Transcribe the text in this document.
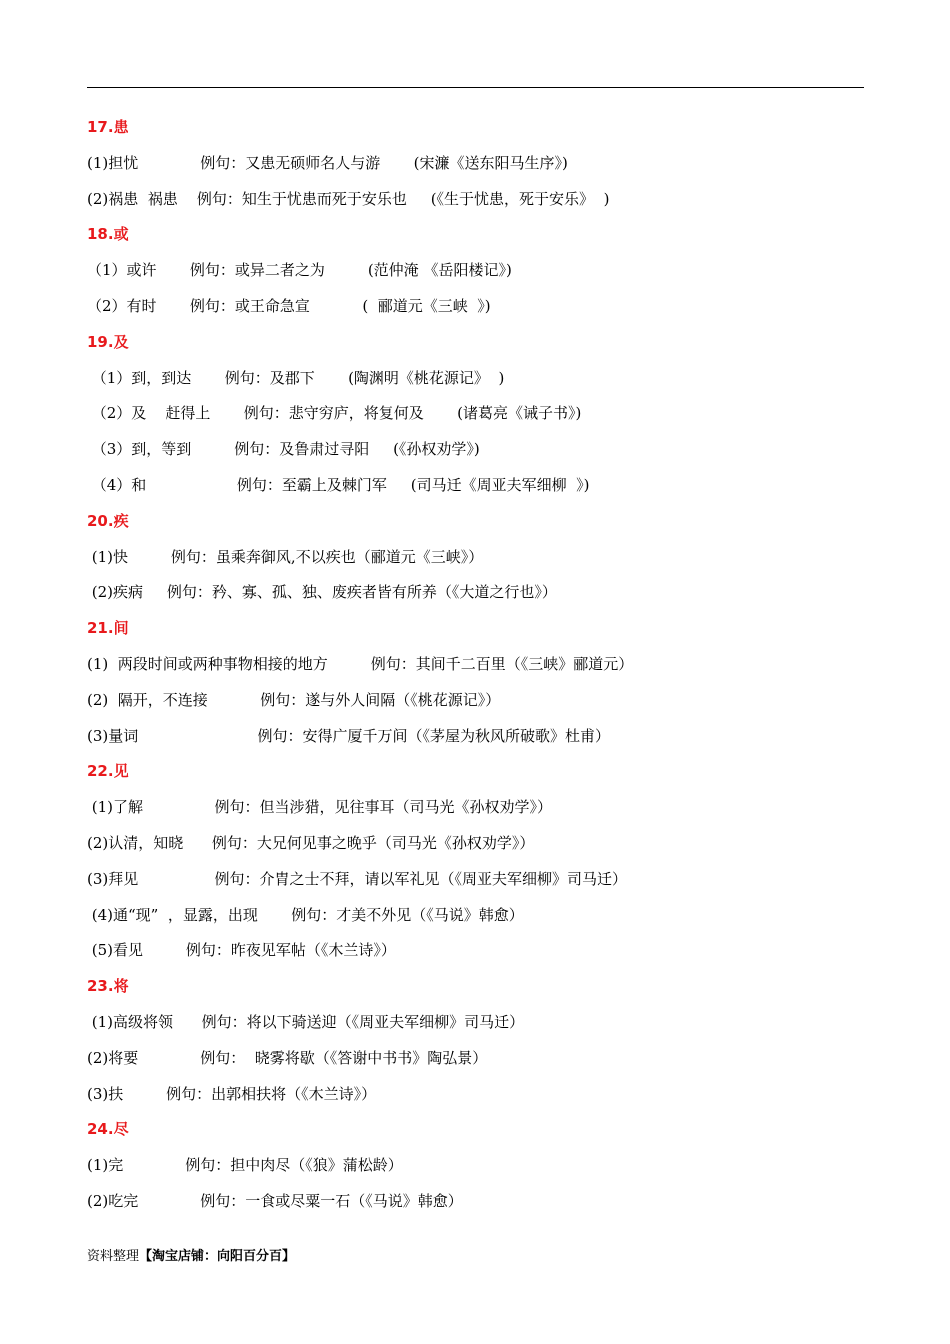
17.患
(1)担忧             例句：又患无硕师名人与游       (宋濂《送东阳马生序》)
(2)祸患  祸患    例句：知生于忧患而死于安乐也     (《生于忧患，死于安乐》  )
18.或
（1）或许       例句：或异二者之为         (范仲淹 《岳阳楼记》)
（2）有时       例句：或王命急宣           (  郦道元《三峡  》)
19.及
（1）到，到达       例句：及郡下       (陶渊明《桃花源记》  )
（2）及    赶得上       例句：悲守穷庐，将复何及       (诸葛亮《诫子书》)
（3）到，等到         例句：及鲁肃过寻阳     (《孙权劝学》)
（4）和                   例句：至霸上及棘门军     (司马迁《周亚夫军细柳  》)
20.疾
(1)快         例句：虽乘奔御风,不以疾也（郦道元《三峡》）
(2)疾病     例句：矜、寡、孤、独、废疾者皆有所养（《大道之行也》）
21.间
(1)  两段时间或两种事物相接的地方         例句：其间千二百里（《三峡》郦道元）
(2)  隔开，不连接           例句：遂与外人间隔（《桃花源记》）
(3)量词                         例句：安得广厦千万间（《茅屋为秋风所破歌》杜甫）
22.见
(1)了解               例句：但当涉猎，见往事耳（司马光《孙权劝学》）
(2)认清，知晓      例句：大兄何见事之晚乎（司马光《孙权劝学》）
(3)拜见                例句：介胄之士不拜，请以军礼见（《周亚夫军细柳》司马迁）
(4)通“现”  ，显露，出现       例句：才美不外见（《马说》韩愈）
(5)看见         例句：昨夜见军帖（《木兰诗》）
23.将
(1)高级将领      例句：将以下骑送迎（《周亚夫军细柳》司马迁）
(2)将要             例句：  晓雾将歇（《答谢中书书》陶弘景）
(3)扶         例句：出郭相扶将（《木兰诗》）
24.尽
(1)完             例句：担中肉尽（《狼》蒲松龄）
(2)吃完             例句：一食或尽粟一石（《马说》韩愈）
资料整理【淘宝店铺：向阳百分百】
